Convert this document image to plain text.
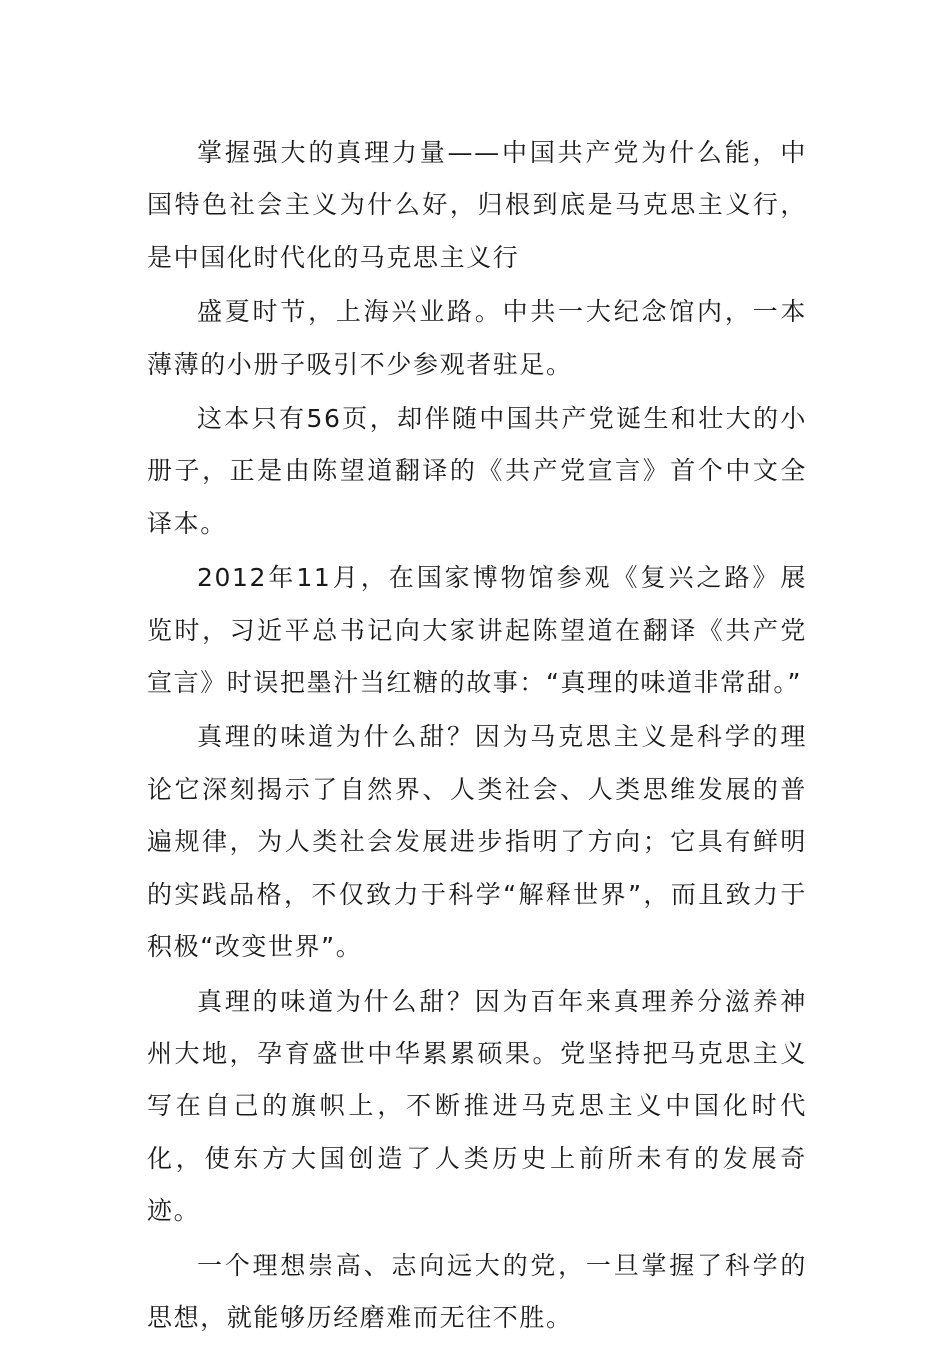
掌握强大的真理力量——中国共产党为什么能，中国特色社会主义为什么好，归根到底是马克思主义行，是中国化时代化的马克思主义行

盛夏时节，上海兴业路。中共一大纪念馆内，一本薄薄的小册子吸引不少参观者驻足。

这本只有56页，却伴随中国共产党诞生和壮大的小册子，正是由陈望道翻译的《共产党宣言》首个中文全译本。

2012年11月，在国家博物馆参观《复兴之路》展览时，习近平总书记向大家讲起陈望道在翻译《共产党宣言》时误把墨汁当红糖的故事：“真理的味道非常甜。”

真理的味道为什么甜？因为马克思主义是科学的理论它深刻揭示了自然界、人类社会、人类思维发展的普遍规律，为人类社会发展进步指明了方向；它具有鲜明的实践品格，不仅致力于科学“解释世界”，而且致力于积极“改变世界”。

真理的味道为什么甜？因为百年来真理养分滋养神州大地，孕育盛世中华累累硕果。党坚持把马克思主义写在自己的旗帜上，不断推进马克思主义中国化时代化，使东方大国创造了人类历史上前所未有的发展奇迹。

一个理想崇高、志向远大的党，一旦掌握了科学的思想，就能够历经磨难而无往不胜。
